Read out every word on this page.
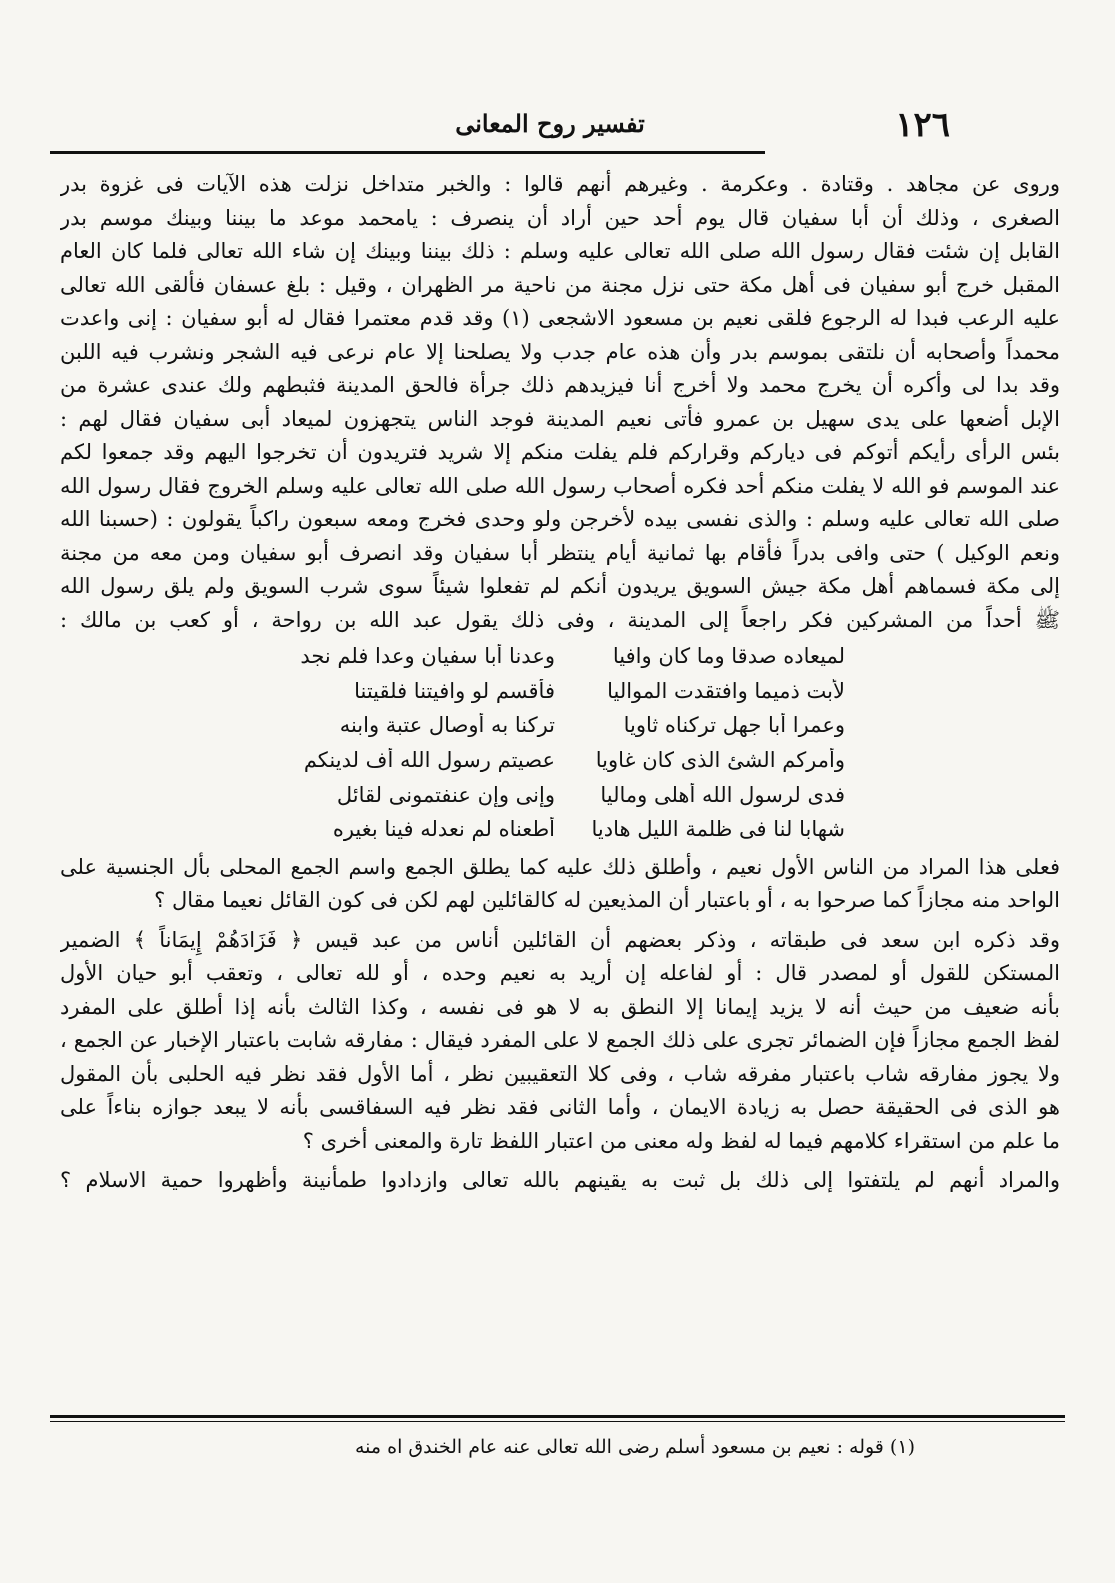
١٢٦
تفسير روح المعانى
وروى عن مجاهد . وقتادة . وعكرمة . وغيرهم أنهم قالوا : والخبر متداخل نزلت هذه الآيات فى غزوة بدر
الصغرى ، وذلك أن أبا سفيان قال يوم أحد حين أراد أن ينصرف : يامحمد موعد ما بيننا وبينك موسم بدر
القابل إن شئت فقال رسول الله صلى الله تعالى عليه وسلم : ذلك بيننا وبينك إن شاء الله تعالى فلما كان العام
المقبل خرج أبو سفيان فى أهل مكة حتى نزل مجنة من ناحية مر الظهران ، وقيل : بلغ عسفان فألقى الله تعالى
عليه الرعب فبدا له الرجوع فلقى نعيم بن مسعود الاشجعى (١) وقد قدم معتمرا فقال له أبو سفيان : إنى واعدت
محمداً وأصحابه أن نلتقى بموسم بدر وأن هذه عام جدب ولا يصلحنا إلا عام نرعى فيه الشجر ونشرب فيه اللبن
وقد بدا لى وأكره أن يخرج محمد ولا أخرج أنا فيزيدهم ذلك جرأة فالحق المدينة فثبطهم ولك عندى عشرة من
الإبل أضعها على يدى سهيل بن عمرو فأتى نعيم المدينة فوجد الناس يتجهزون لميعاد أبى سفيان فقال لهم :
بئس الرأى رأيكم أتوكم فى دياركم وقراركم فلم يفلت منكم إلا شريد فتريدون أن تخرجوا اليهم وقد جمعوا لكم
عند الموسم فو الله لا يفلت منكم أحد فكره أصحاب رسول الله صلى الله تعالى عليه وسلم الخروج فقال رسول الله
صلى الله تعالى عليه وسلم : والذى نفسى بيده لأخرجن ولو وحدى فخرج ومعه سبعون راكباً يقولون : (حسبنا الله
ونعم الوكيل ) حتى وافى بدراً فأقام بها ثمانية أيام ينتظر أبا سفيان وقد انصرف أبو سفيان ومن معه من مجنة
إلى مكة فسماهم أهل مكة جيش السويق يريدون أنكم لم تفعلوا شيئاً سوى شرب السويق ولم يلق رسول الله
ﷺ أحداً من المشركين فكر راجعاً إلى المدينة ، وفى ذلك يقول عبد الله بن رواحة ، أو كعب بن مالك :
وعدنا أبا سفيان وعدا فلم نجد	لميعاده صدقا وما كان وافيا
فأقسم لو وافيتنا فلقيتنا	لأبت ذميما وافتقدت المواليا
تركنا به أوصال عتبة وابنه	وعمرا أبا جهل تركناه ثاويا
عصيتم رسول الله أف لدينكم	وأمركم الشئ الذى كان غاويا
وإنى وإن عنفتمونى لقائل	فدى لرسول الله أهلى وماليا
أطعناه لم نعدله فينا بغيره	شهابا لنا فى ظلمة الليل هاديا
فعلى هذا المراد من الناس الأول نعيم ، وأطلق ذلك عليه كما يطلق الجمع واسم الجمع المحلى بأل الجنسية على
الواحد منه مجازاً كما صرحوا به ، أو باعتبار أن المذيعين له كالقائلين لهم لكن فى كون القائل نعيما مقال ؟
وقد ذكره ابن سعد فى طبقاته ، وذكر بعضهم أن القائلين أناس من عبد قيس ﴿ فَزَادَهُمْ إِيمَاناً ﴾ الضمير
المستكن للقول أو لمصدر قال : أو لفاعله إن أريد به نعيم وحده ، أو لله تعالى ، وتعقب أبو حيان الأول
بأنه ضعيف من حيث أنه لا يزيد إيمانا إلا النطق به لا هو فى نفسه ، وكذا الثالث بأنه إذا أطلق على المفرد
لفظ الجمع مجازاً فإن الضمائر تجرى على ذلك الجمع لا على المفرد فيقال : مفارقه شابت باعتبار الإخبار عن الجمع ،
ولا يجوز مفارقه شاب باعتبار مفرقه شاب ، وفى كلا التعقيبين نظر ، أما الأول فقد نظر فيه الحلبى بأن المقول
هو الذى فى الحقيقة حصل به زيادة الايمان ، وأما الثانى فقد نظر فيه السفاقسى بأنه لا يبعد جوازه بناءاً على
ما علم من استقراء كلامهم فيما له لفظ وله معنى من اعتبار اللفظ تارة والمعنى أخرى ؟
والمراد أنهم لم يلتفتوا إلى ذلك بل ثبت به يقينهم بالله تعالى وازدادوا طمأنينة وأظهروا حمية الاسلام ؟
(١) قوله : نعيم بن مسعود أسلم رضى الله تعالى عنه عام الخندق اه منه
